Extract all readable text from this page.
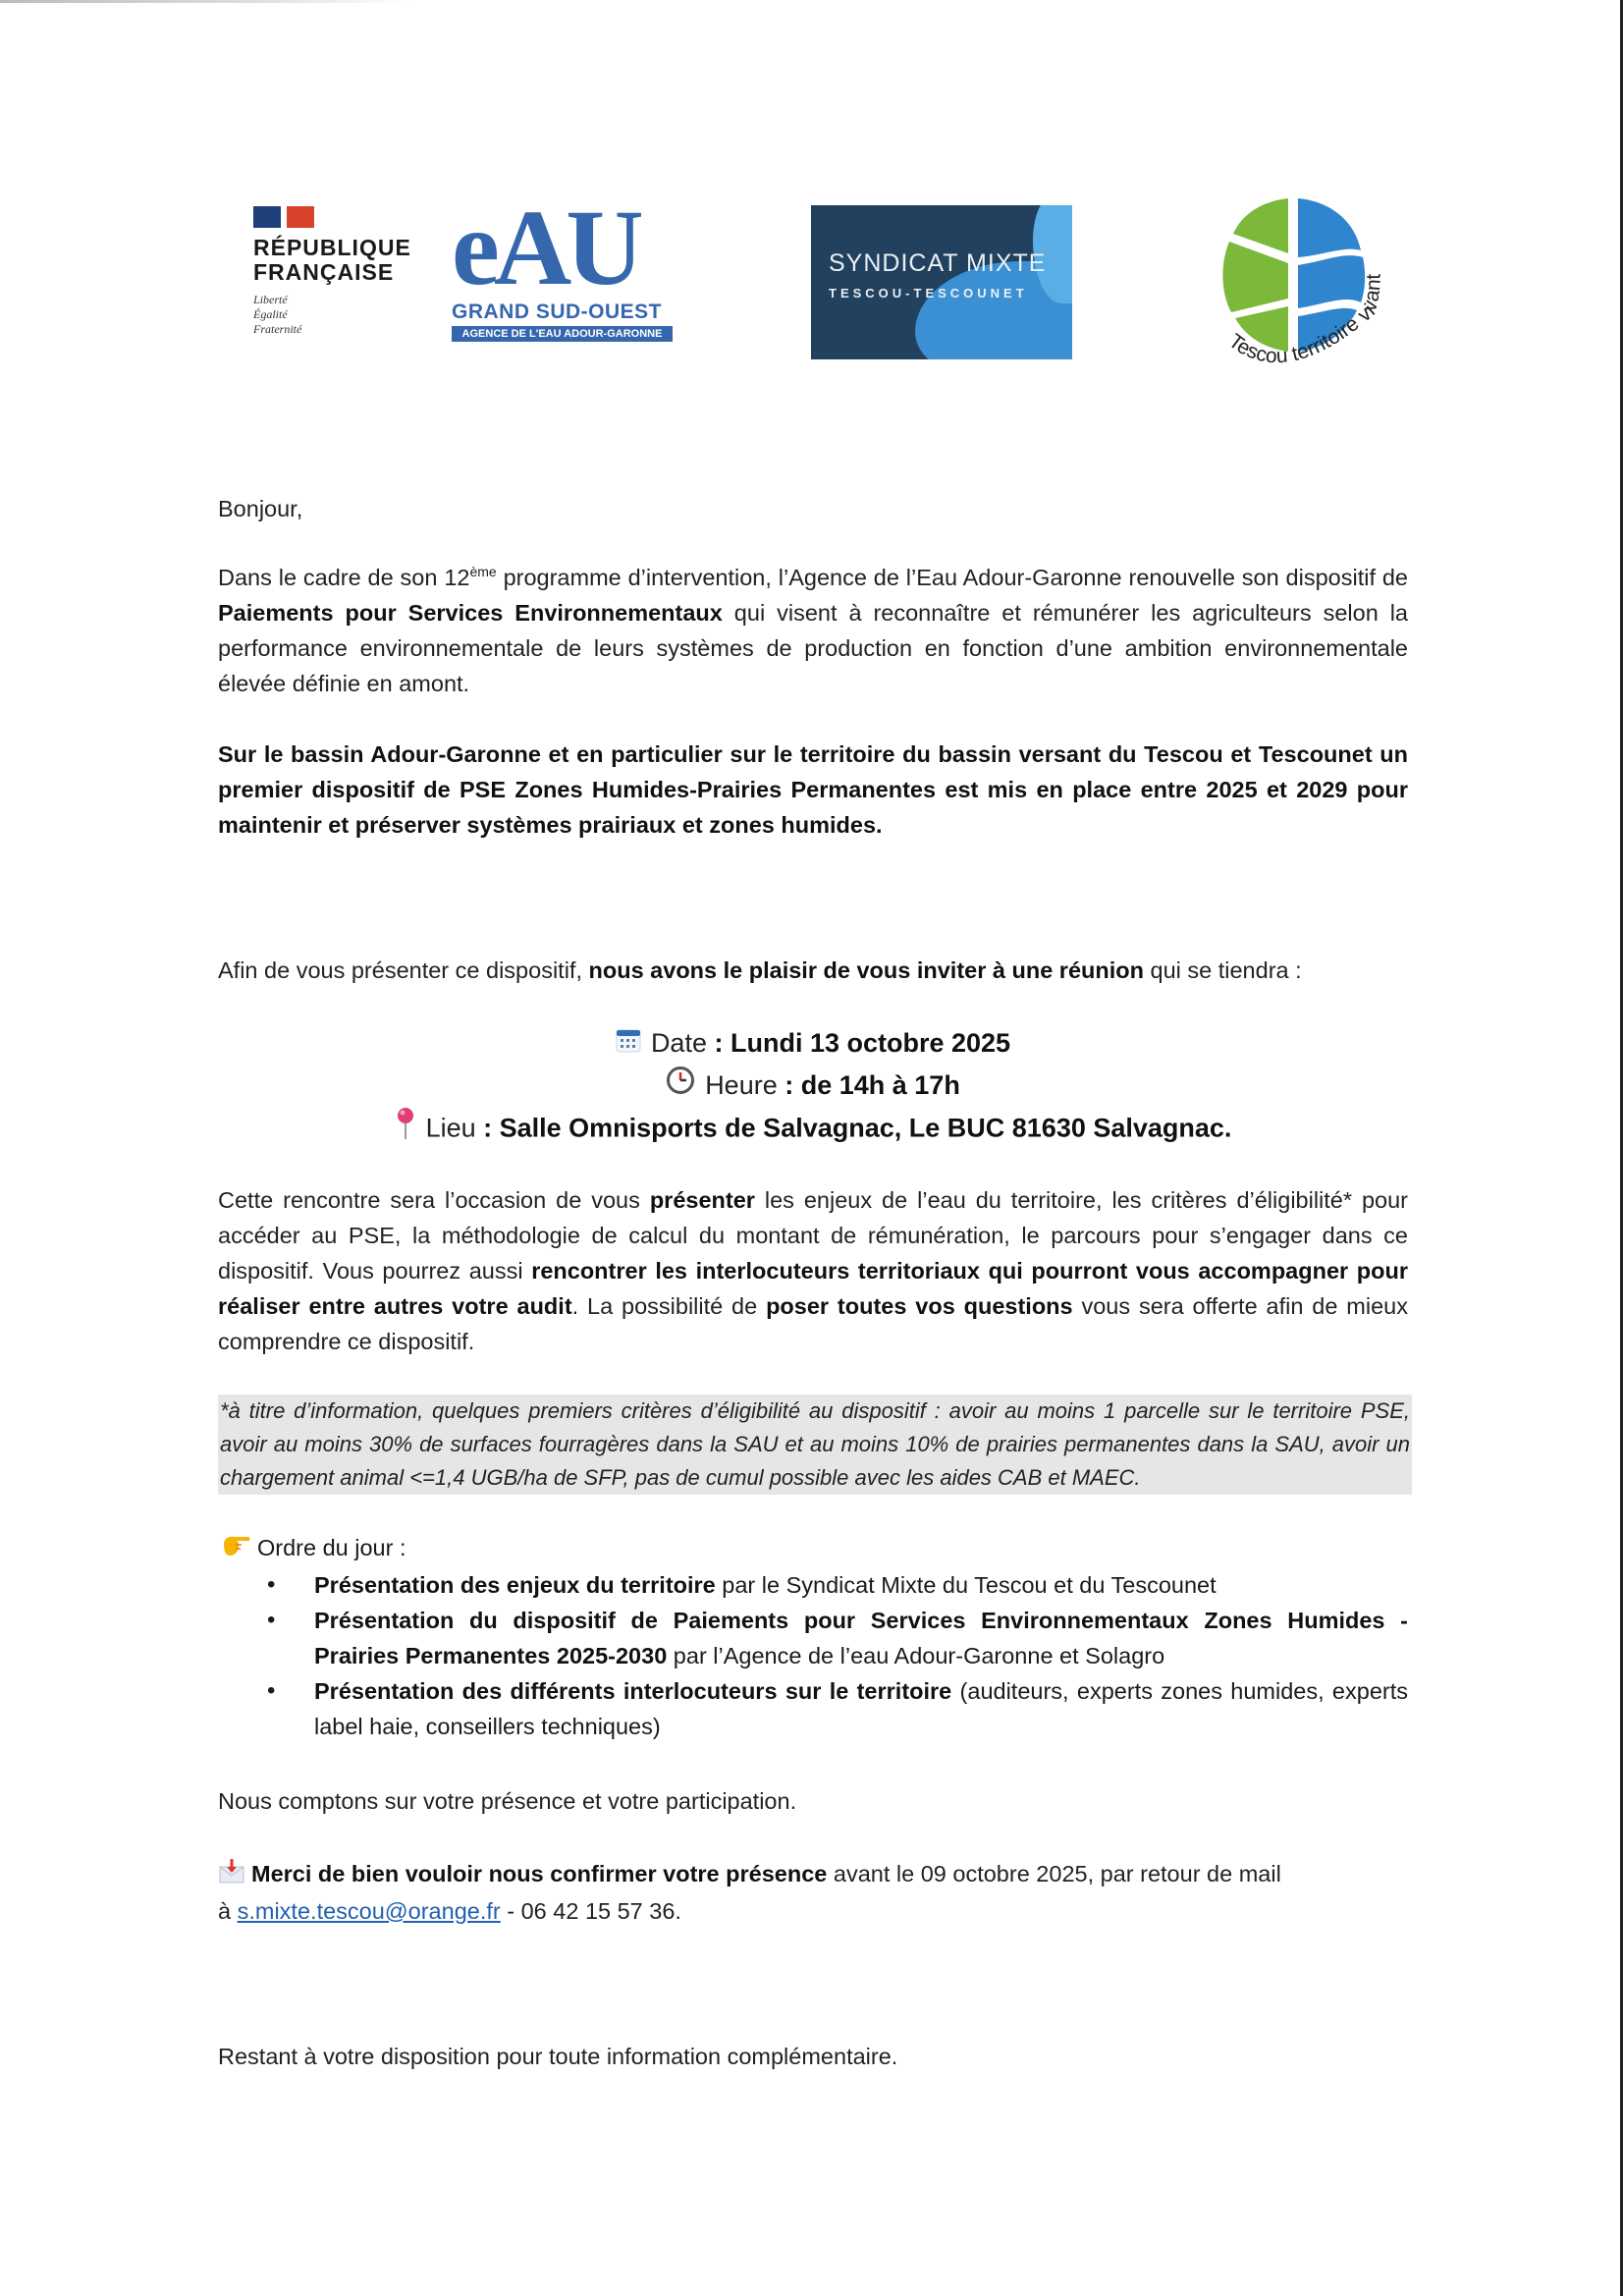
RÉPUBLIQUE
FRANÇAISE
Liberté
Égalité
Fraternité
eAU
GRAND SUD-OUEST
AGENCE DE L'EAU ADOUR-GARONNE
SYNDICAT MIXTE
TESCOU-TESCOUNET
Tescou territoire vivant
Bonjour,
Dans le cadre de son 12ème programme d’intervention, l’Agence de l’Eau Adour-Garonne renouvelle son dispositif de Paiements pour Services Environnementaux qui visent à reconnaître et rémunérer les agriculteurs selon la performance environnementale de leurs systèmes de production en fonction d’une ambition environnementale élevée définie en amont.
Sur le bassin Adour-Garonne et en particulier sur le territoire du bassin versant du Tescou et Tescounet un premier dispositif de PSE Zones Humides-Prairies Permanentes est mis en place entre 2025 et 2029 pour maintenir et préserver systèmes prairiaux et zones humides.
Afin de vous présenter ce dispositif, nous avons le plaisir de vous inviter à une réunion qui se tiendra :
Date : Lundi 13 octobre 2025
Heure : de 14h à 17h
Lieu : Salle Omnisports de Salvagnac, Le BUC 81630 Salvagnac.
Cette rencontre sera l’occasion de vous présenter les enjeux de l’eau du territoire, les critères d’éligibilité* pour accéder au PSE, la méthodologie de calcul du montant de rémunération, le parcours pour s’engager dans ce dispositif. Vous pourrez aussi rencontrer les interlocuteurs territoriaux qui pourront vous accompagner pour réaliser entre autres votre audit. La possibilité de poser toutes vos questions vous sera offerte afin de mieux comprendre ce dispositif.
*à titre d’information, quelques premiers critères d’éligibilité au dispositif : avoir au moins 1 parcelle sur le territoire PSE, avoir au moins 30% de surfaces fourragères dans la SAU et au moins 10% de prairies permanentes dans la SAU, avoir un chargement animal <=1,4 UGB/ha de SFP, pas de cumul possible avec les aides CAB et MAEC.
Ordre du jour :
• Présentation des enjeux du territoire par le Syndicat Mixte du Tescou et du Tescounet
• Présentation du dispositif de Paiements pour Services Environnementaux Zones Humides - Prairies Permanentes 2025-2030 par l’Agence de l’eau Adour-Garonne et Solagro
• Présentation des différents interlocuteurs sur le territoire (auditeurs, experts zones humides, experts label haie, conseillers techniques)
Nous comptons sur votre présence et votre participation.
Merci de bien vouloir nous confirmer votre présence avant le 09 octobre 2025, par retour de mail
à s.mixte.tescou@orange.fr - 06 42 15 57 36.
Restant à votre disposition pour toute information complémentaire.
